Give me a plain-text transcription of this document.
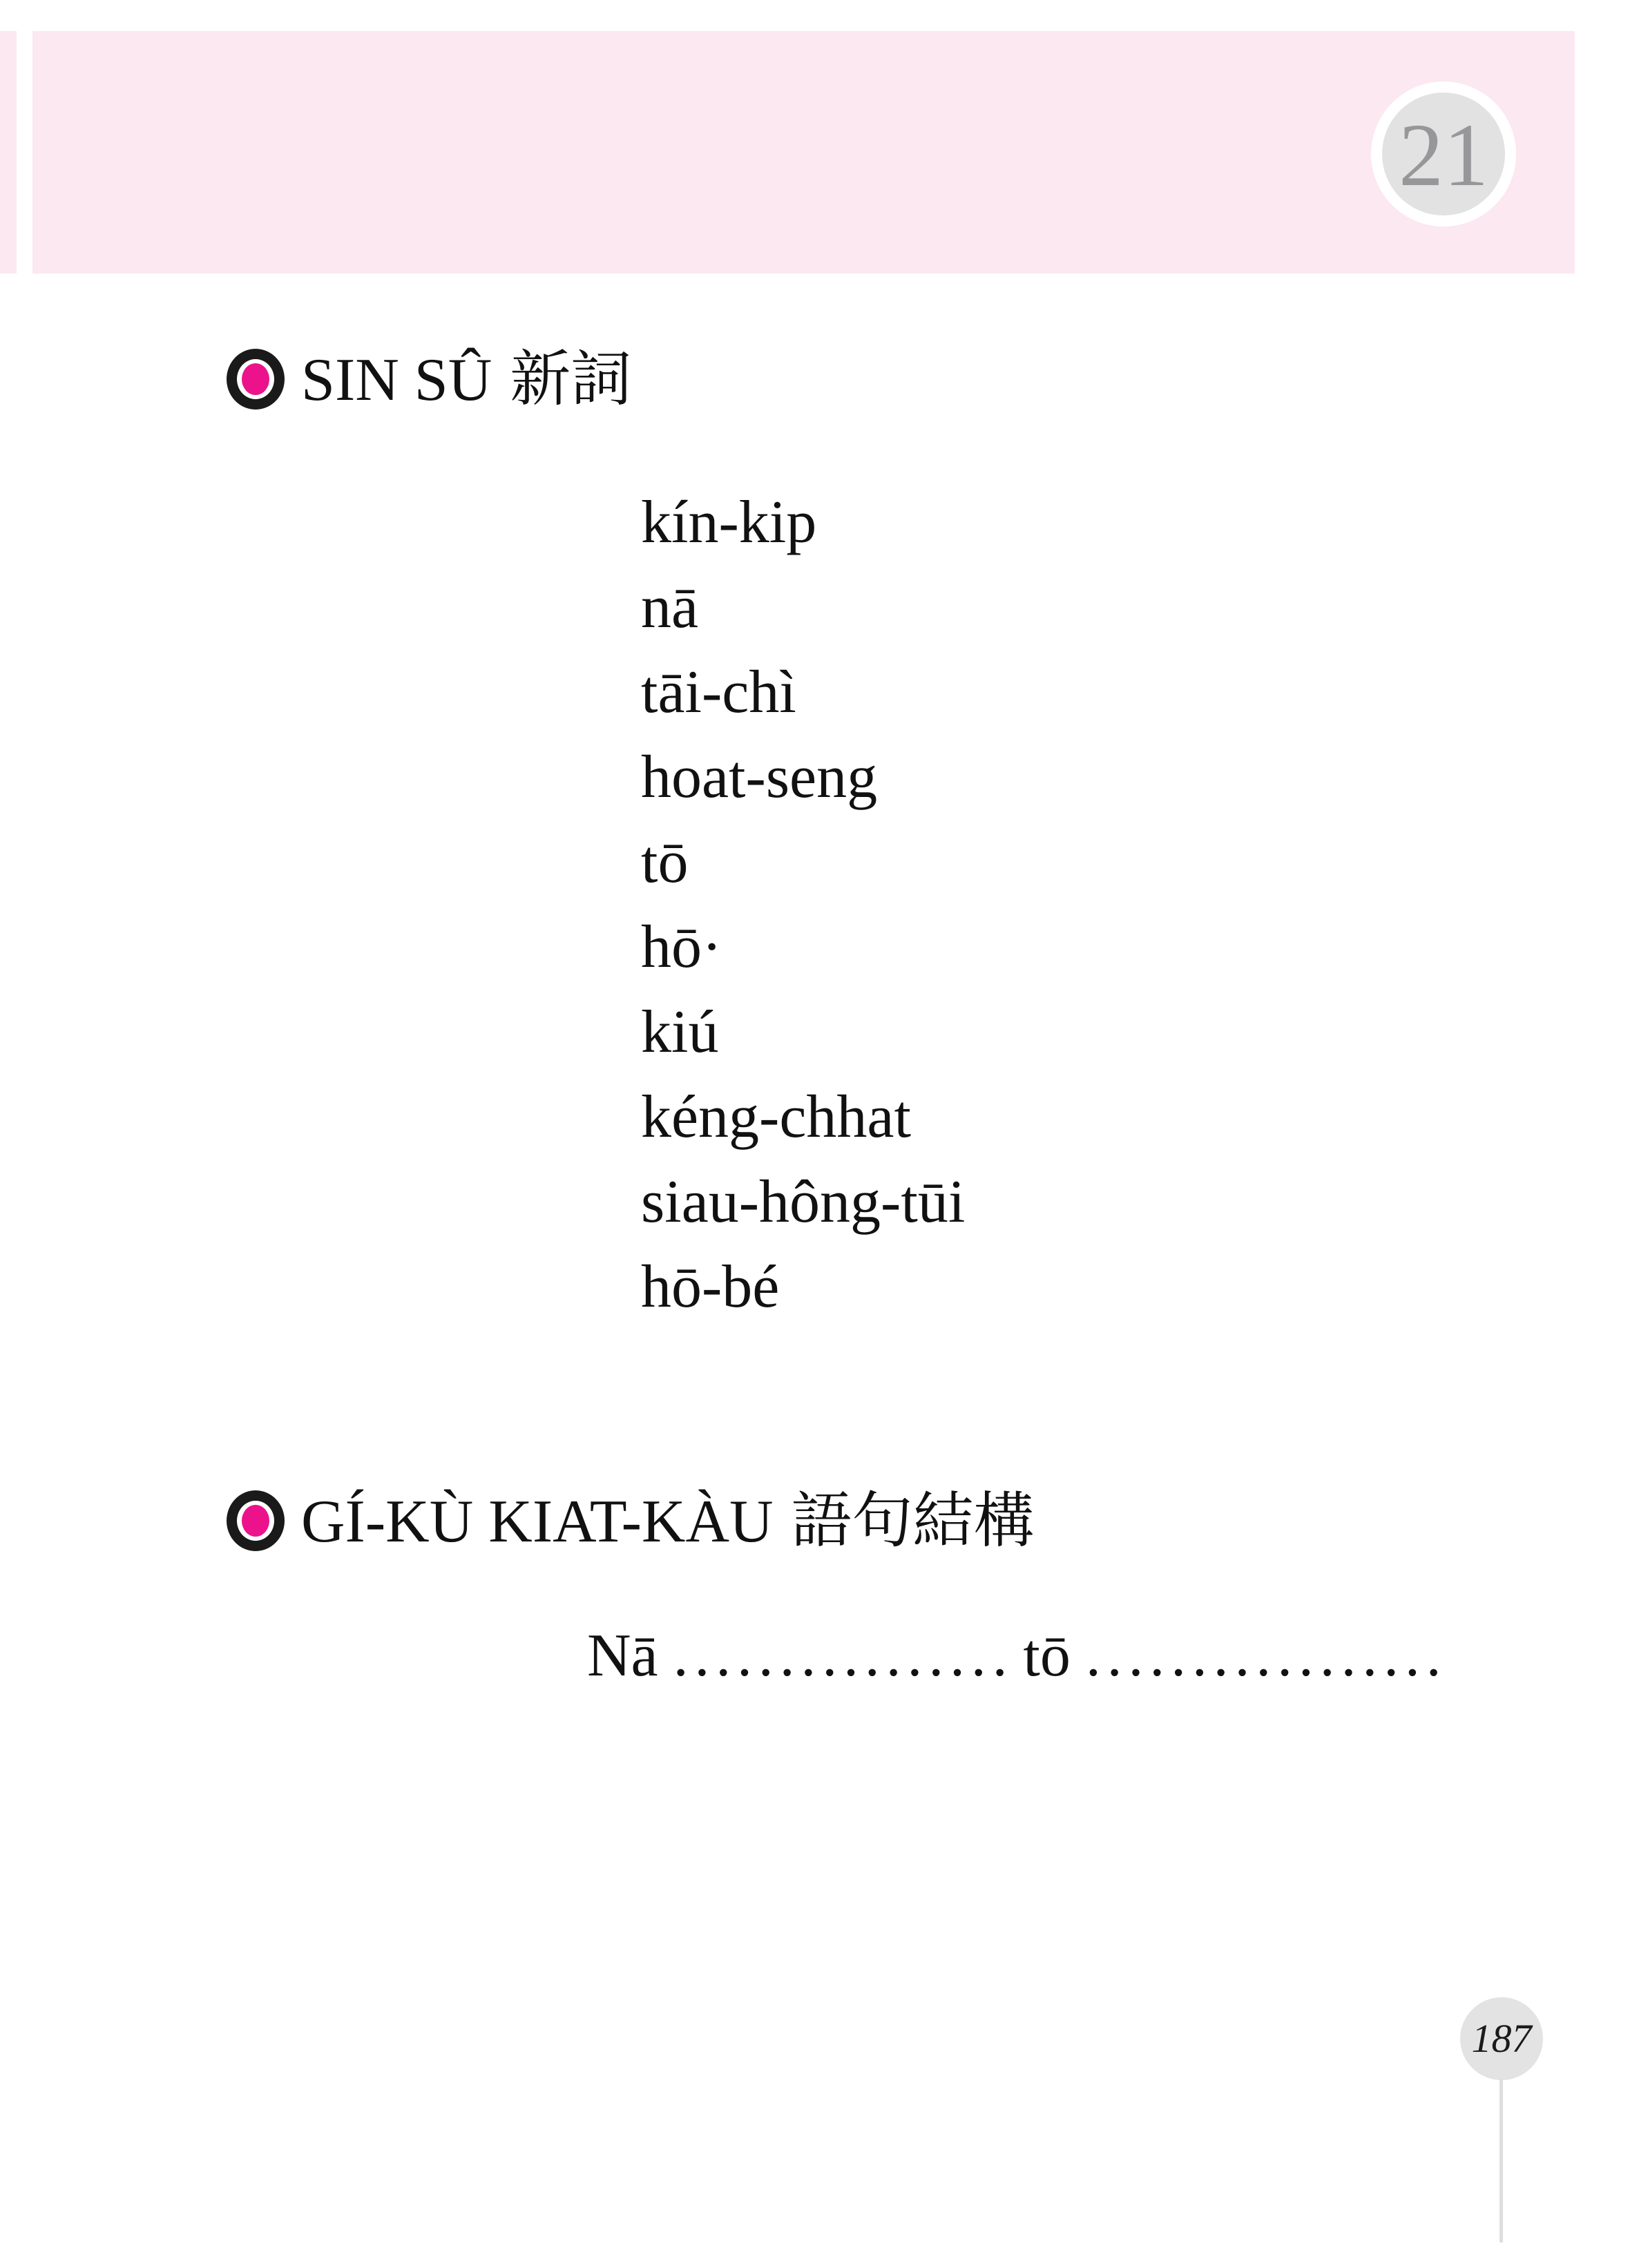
21
SIN SÛ 新詞
kín-kip
nā
tāi-chì
hoat-seng
tō
hō·
kiú
kéng-chhat
siau-hông-tūi
hō-bé
GÍ-KÙ KIAT-KÀU 語句結構
Nā ................ tō .................
187
